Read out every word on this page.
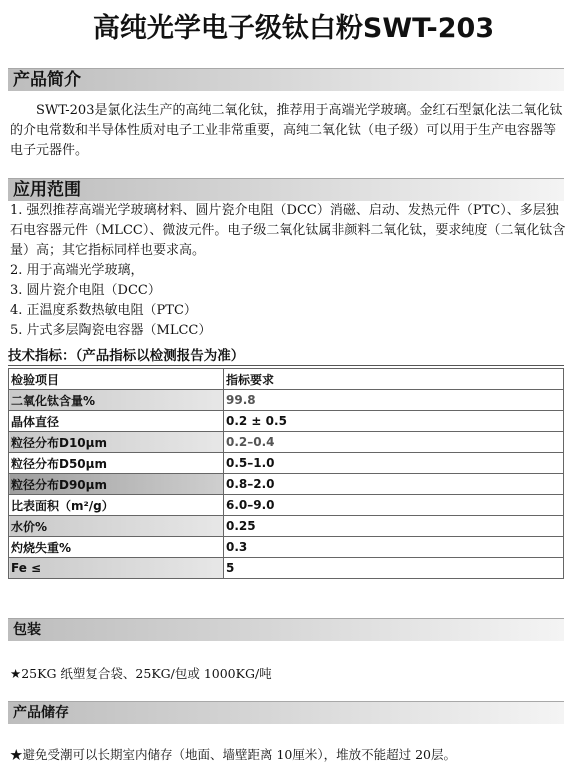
高纯光学电子级钛白粉SWT-203
产品简介
SWT-203是氯化法生产的高纯二氧化钛，推荐用于高端光学玻璃。金红石型氯化法二氧化钛的介电常数和半导体性质对电子工业非常重要，高纯二氧化钛（电子级）可以用于生产电容器等电子元器件。
应用范围
1. 强烈推荐高端光学玻璃材料、圆片瓷介电阻（DCC）消磁、启动、发热元件（PTC）、多层独石电容器元件（MLCC）、微波元件。电子级二氧化钛属非颜料二氧化钛，要求纯度（二氧化钛含量）高；其它指标同样也要求高。
2. 用于高端光学玻璃，
3. 圆片瓷介电阻（DCC）
4. 正温度系数热敏电阻（PTC）
5. 片式多层陶瓷电容器（MLCC）
技术指标：（产品指标以检测报告为准）
检验项目	指标要求
二氧化钛含量%	99.8
晶体直径	0.2 ± 0.5
粒径分布D10μm	0.2–0.4
粒径分布D50μm	0.5–1.0
粒径分布D90μm	0.8–2.0
比表面积（m²/g）	6.0–9.0
水价%	0.25
灼烧失重%	0.3
Fe ≤	5
包装
★25KG 纸塑复合袋、25KG/包或 1000KG/吨
产品储存
★避免受潮可以长期室内储存（地面、墙壁距离 10厘米），堆放不能超过 20层。
